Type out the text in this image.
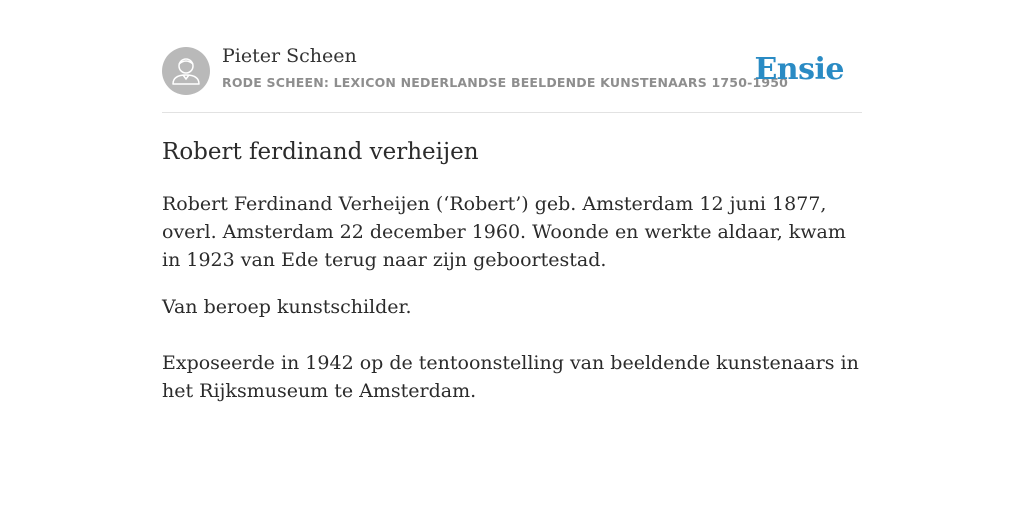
Pieter Scheen
RODE SCHEEN: LEXICON NEDERLANDSE BEELDENDE KUNSTENAARS 1750-1950
Ensie
Robert ferdinand verheijen

Robert Ferdinand Verheijen (‘Robert’) geb. Amsterdam 12 juni 1877, overl. Amsterdam 22 december 1960. Woonde en werkte aldaar, kwam in 1923 van Ede terug naar zijn geboortestad.

Van beroep kunstschilder.

Exposeerde in 1942 op de tentoonstelling van beeldende kunstenaars in het Rijksmuseum te Amsterdam.
